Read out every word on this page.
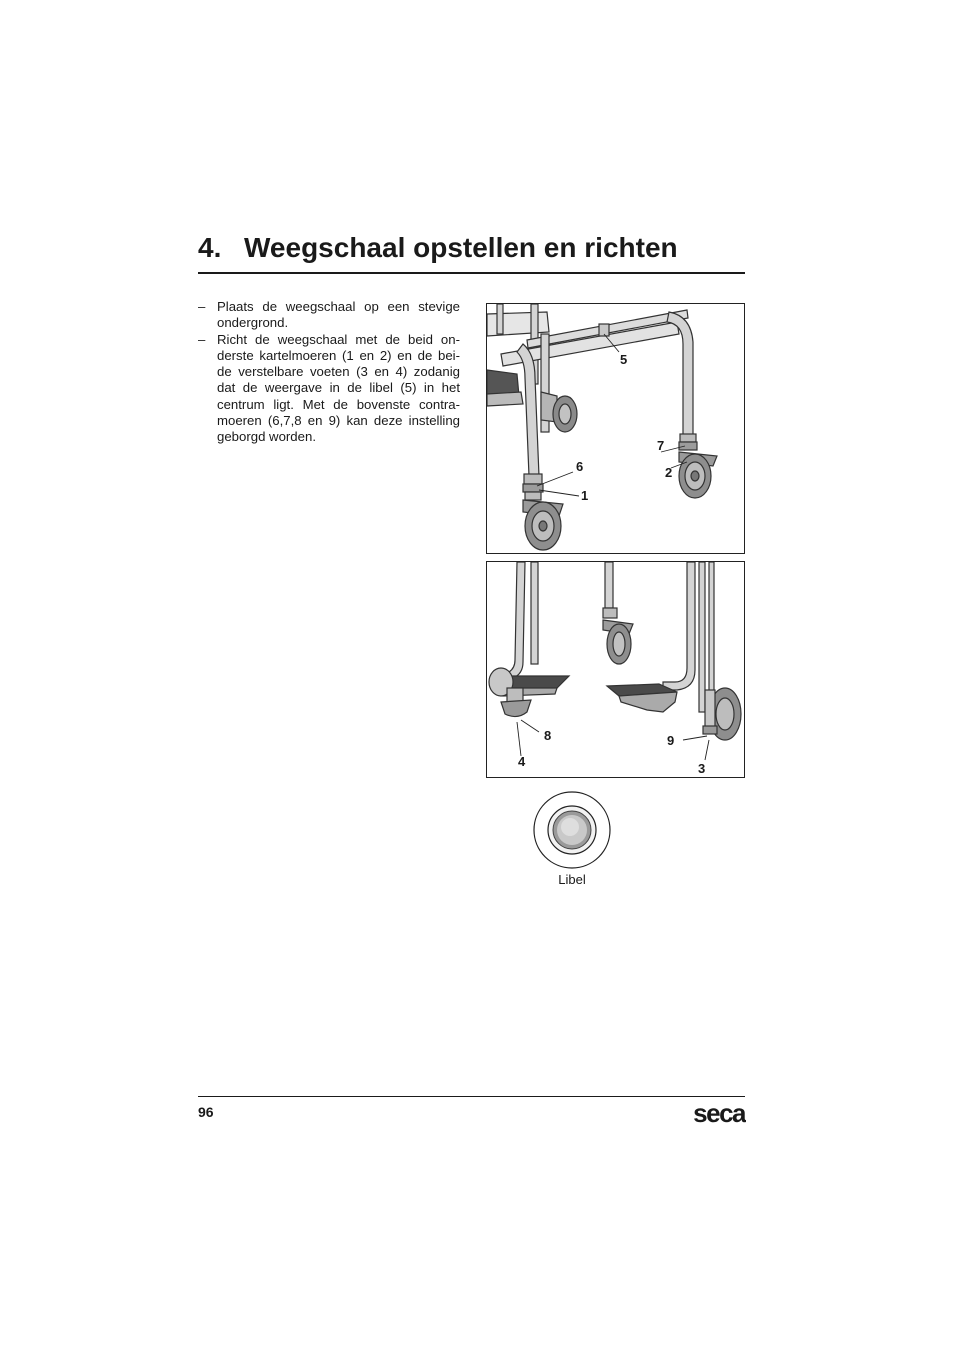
4. Weegschaal opstellen en richten
– Plaats de weegschaal op een stevige ondergrond.
– Richt de weegschaal met de beid on-derste kartelmoeren (1 en 2) en de bei-de verstelbare voeten (3 en 4) zodanig dat de weergave in de libel (5) in het centrum ligt. Met de bovenste contra-moeren (6,7,8 en 9) kan deze instelling geborgd worden.
5
7
6	2
1
8
4
9
3
Libel
96	seca
